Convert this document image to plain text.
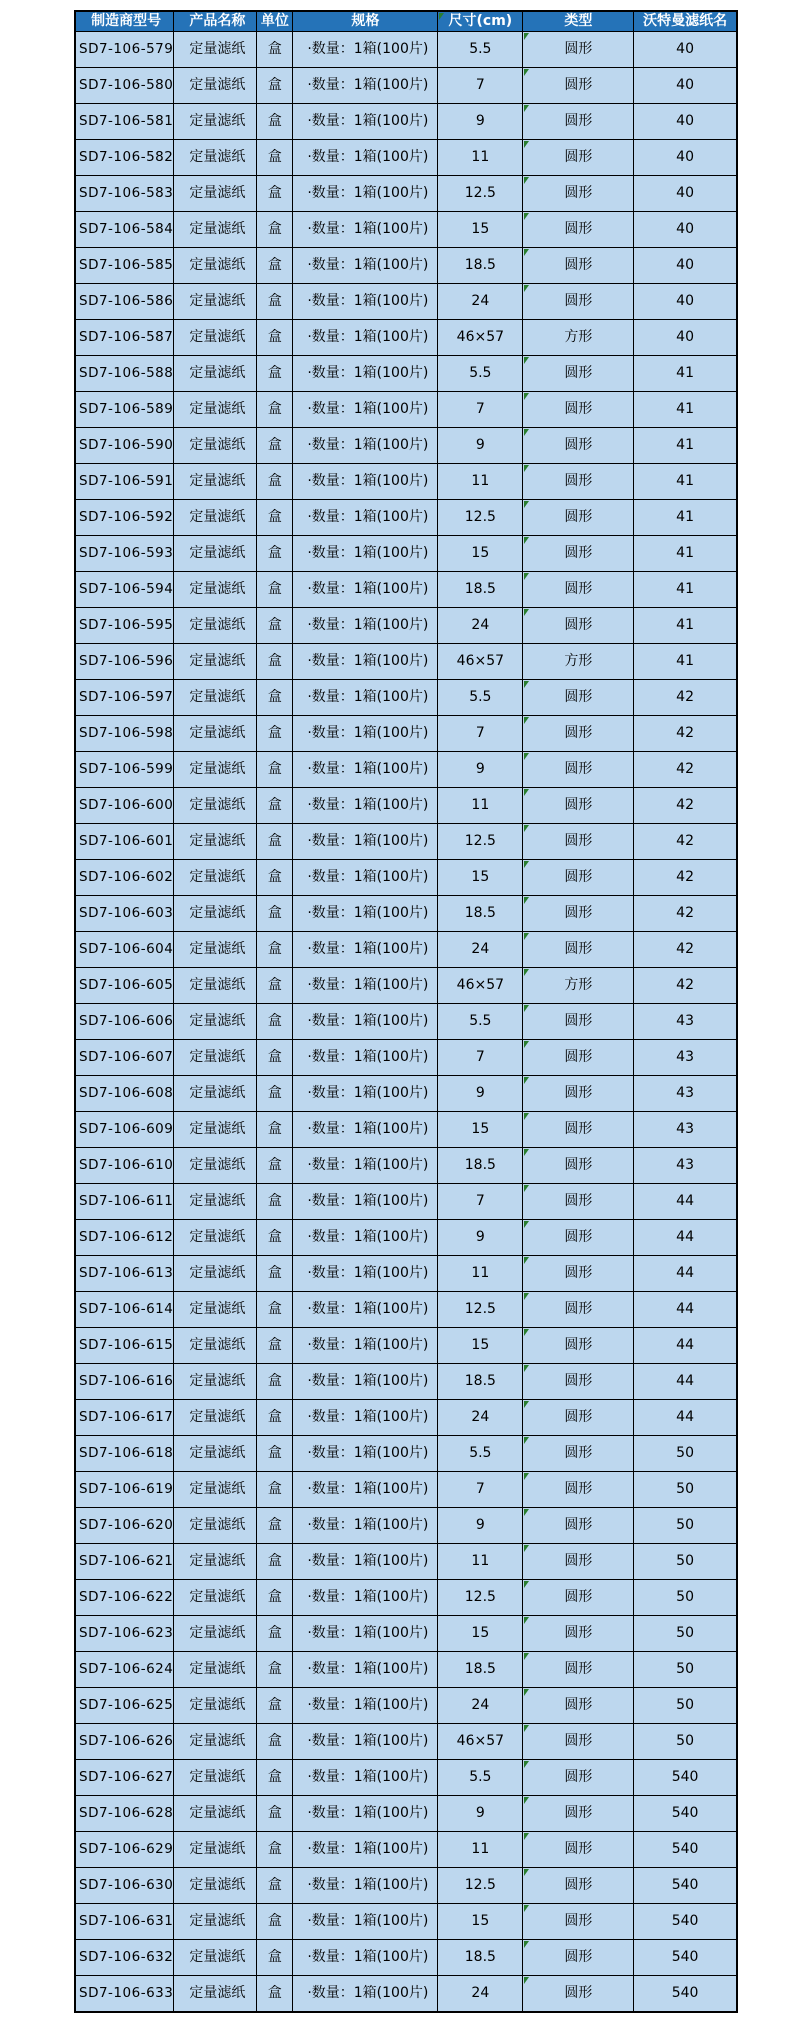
制造商型号	产品名称	单位	规格	尺寸(cm)	类型	沃特曼滤纸名
SD7-106-579	定量滤纸	盒	·数量：1箱(100片)	5.5	圆形	40
SD7-106-580	定量滤纸	盒	·数量：1箱(100片)	7	圆形	40
SD7-106-581	定量滤纸	盒	·数量：1箱(100片)	9	圆形	40
SD7-106-582	定量滤纸	盒	·数量：1箱(100片)	11	圆形	40
SD7-106-583	定量滤纸	盒	·数量：1箱(100片)	12.5	圆形	40
SD7-106-584	定量滤纸	盒	·数量：1箱(100片)	15	圆形	40
SD7-106-585	定量滤纸	盒	·数量：1箱(100片)	18.5	圆形	40
SD7-106-586	定量滤纸	盒	·数量：1箱(100片)	24	圆形	40
SD7-106-587	定量滤纸	盒	·数量：1箱(100片)	46×57	方形	40
SD7-106-588	定量滤纸	盒	·数量：1箱(100片)	5.5	圆形	41
SD7-106-589	定量滤纸	盒	·数量：1箱(100片)	7	圆形	41
SD7-106-590	定量滤纸	盒	·数量：1箱(100片)	9	圆形	41
SD7-106-591	定量滤纸	盒	·数量：1箱(100片)	11	圆形	41
SD7-106-592	定量滤纸	盒	·数量：1箱(100片)	12.5	圆形	41
SD7-106-593	定量滤纸	盒	·数量：1箱(100片)	15	圆形	41
SD7-106-594	定量滤纸	盒	·数量：1箱(100片)	18.5	圆形	41
SD7-106-595	定量滤纸	盒	·数量：1箱(100片)	24	圆形	41
SD7-106-596	定量滤纸	盒	·数量：1箱(100片)	46×57	方形	41
SD7-106-597	定量滤纸	盒	·数量：1箱(100片)	5.5	圆形	42
SD7-106-598	定量滤纸	盒	·数量：1箱(100片)	7	圆形	42
SD7-106-599	定量滤纸	盒	·数量：1箱(100片)	9	圆形	42
SD7-106-600	定量滤纸	盒	·数量：1箱(100片)	11	圆形	42
SD7-106-601	定量滤纸	盒	·数量：1箱(100片)	12.5	圆形	42
SD7-106-602	定量滤纸	盒	·数量：1箱(100片)	15	圆形	42
SD7-106-603	定量滤纸	盒	·数量：1箱(100片)	18.5	圆形	42
SD7-106-604	定量滤纸	盒	·数量：1箱(100片)	24	圆形	42
SD7-106-605	定量滤纸	盒	·数量：1箱(100片)	46×57	方形	42
SD7-106-606	定量滤纸	盒	·数量：1箱(100片)	5.5	圆形	43
SD7-106-607	定量滤纸	盒	·数量：1箱(100片)	7	圆形	43
SD7-106-608	定量滤纸	盒	·数量：1箱(100片)	9	圆形	43
SD7-106-609	定量滤纸	盒	·数量：1箱(100片)	15	圆形	43
SD7-106-610	定量滤纸	盒	·数量：1箱(100片)	18.5	圆形	43
SD7-106-611	定量滤纸	盒	·数量：1箱(100片)	7	圆形	44
SD7-106-612	定量滤纸	盒	·数量：1箱(100片)	9	圆形	44
SD7-106-613	定量滤纸	盒	·数量：1箱(100片)	11	圆形	44
SD7-106-614	定量滤纸	盒	·数量：1箱(100片)	12.5	圆形	44
SD7-106-615	定量滤纸	盒	·数量：1箱(100片)	15	圆形	44
SD7-106-616	定量滤纸	盒	·数量：1箱(100片)	18.5	圆形	44
SD7-106-617	定量滤纸	盒	·数量：1箱(100片)	24	圆形	44
SD7-106-618	定量滤纸	盒	·数量：1箱(100片)	5.5	圆形	50
SD7-106-619	定量滤纸	盒	·数量：1箱(100片)	7	圆形	50
SD7-106-620	定量滤纸	盒	·数量：1箱(100片)	9	圆形	50
SD7-106-621	定量滤纸	盒	·数量：1箱(100片)	11	圆形	50
SD7-106-622	定量滤纸	盒	·数量：1箱(100片)	12.5	圆形	50
SD7-106-623	定量滤纸	盒	·数量：1箱(100片)	15	圆形	50
SD7-106-624	定量滤纸	盒	·数量：1箱(100片)	18.5	圆形	50
SD7-106-625	定量滤纸	盒	·数量：1箱(100片)	24	圆形	50
SD7-106-626	定量滤纸	盒	·数量：1箱(100片)	46×57	圆形	50
SD7-106-627	定量滤纸	盒	·数量：1箱(100片)	5.5	圆形	540
SD7-106-628	定量滤纸	盒	·数量：1箱(100片)	9	圆形	540
SD7-106-629	定量滤纸	盒	·数量：1箱(100片)	11	圆形	540
SD7-106-630	定量滤纸	盒	·数量：1箱(100片)	12.5	圆形	540
SD7-106-631	定量滤纸	盒	·数量：1箱(100片)	15	圆形	540
SD7-106-632	定量滤纸	盒	·数量：1箱(100片)	18.5	圆形	540
SD7-106-633	定量滤纸	盒	·数量：1箱(100片)	24	圆形	540
